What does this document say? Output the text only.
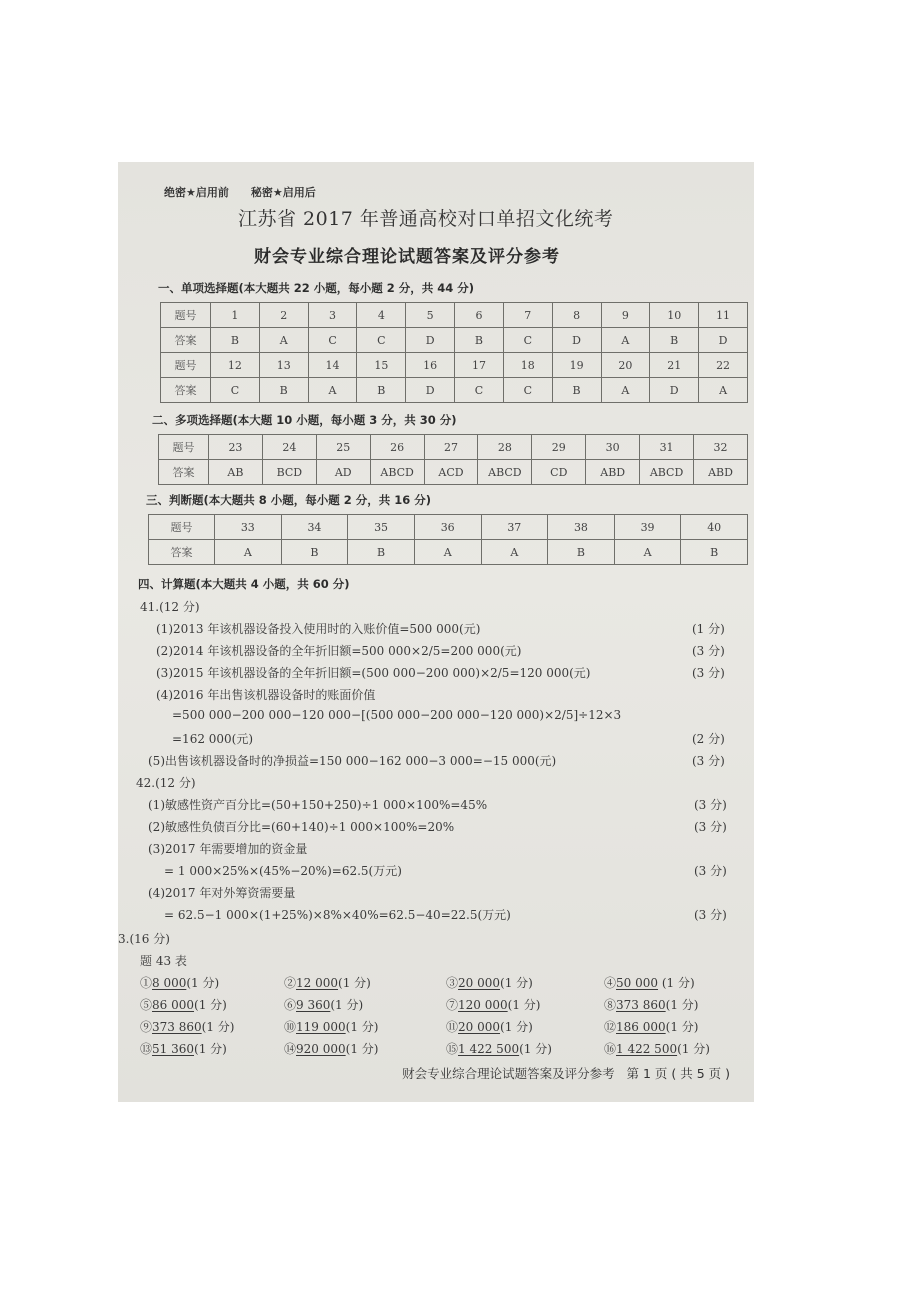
绝密★启用前 秘密★启用后
江苏省 2017 年普通高校对口单招文化统考
财会专业综合理论试题答案及评分参考
一、单项选择题(本大题共 22 小题，每小题 2 分，共 44 分)
题号	1	2	3	4	5	6	7	8	9	10	11
答案	B	A	C	C	D	B	C	D	A	B	D
题号	12	13	14	15	16	17	18	19	20	21	22
答案	C	B	A	B	D	C	C	B	A	D	A
二、多项选择题(本大题 10 小题，每小题 3 分，共 30 分)
题号	23	24	25	26	27	28	29	30	31	32
答案	AB	BCD	AD	ABCD	ACD	ABCD	CD	ABD	ABCD	ABD
三、判断题(本大题共 8 小题，每小题 2 分，共 16 分)
题号	33	34	35	36	37	38	39	40
答案	A	B	B	A	A	B	A	B
四、计算题(本大题共 4 小题，共 60 分)
41.(12 分)
(1)2013 年该机器设备投入使用时的入账价值=500 000(元)	(1 分)
(2)2014 年该机器设备的全年折旧额=500 000×2/5=200 000(元)	(3 分)
(3)2015 年该机器设备的全年折旧额=(500 000−200 000)×2/5=120 000(元)	(3 分)
(4)2016 年出售该机器设备时的账面价值
=500 000−200 000−120 000−[(500 000−200 000−120 000)×2/5]÷12×3
=162 000(元)	(2 分)
(5)出售该机器设备时的净损益=150 000−162 000−3 000=−15 000(元)	(3 分)
42.(12 分)
(1)敏感性资产百分比=(50+150+250)÷1 000×100%=45%	(3 分)
(2)敏感性负债百分比=(60+140)÷1 000×100%=20%	(3 分)
(3)2017 年需要增加的资金量
= 1 000×25%×(45%−20%)=62.5(万元)	(3 分)
(4)2017 年对外筹资需要量
= 62.5−1 000×(1+25%)×8%×40%=62.5−40=22.5(万元)	(3 分)
3.(16 分)
题 43 表
①8 000(1 分)	②12 000(1 分)	③20 000(1 分)	④50 000 (1 分)
⑤86 000(1 分)	⑥9 360(1 分)	⑦120 000(1 分)	⑧373 860(1 分)
⑨373 860(1 分)	⑩119 000(1 分)	⑪20 000(1 分)	⑫186 000(1 分)
⑬51 360(1 分)	⑭920 000(1 分)	⑮1 422 500(1 分)	⑯1 422 500(1 分)
财会专业综合理论试题答案及评分参考 第 1 页 ( 共 5 页 )
